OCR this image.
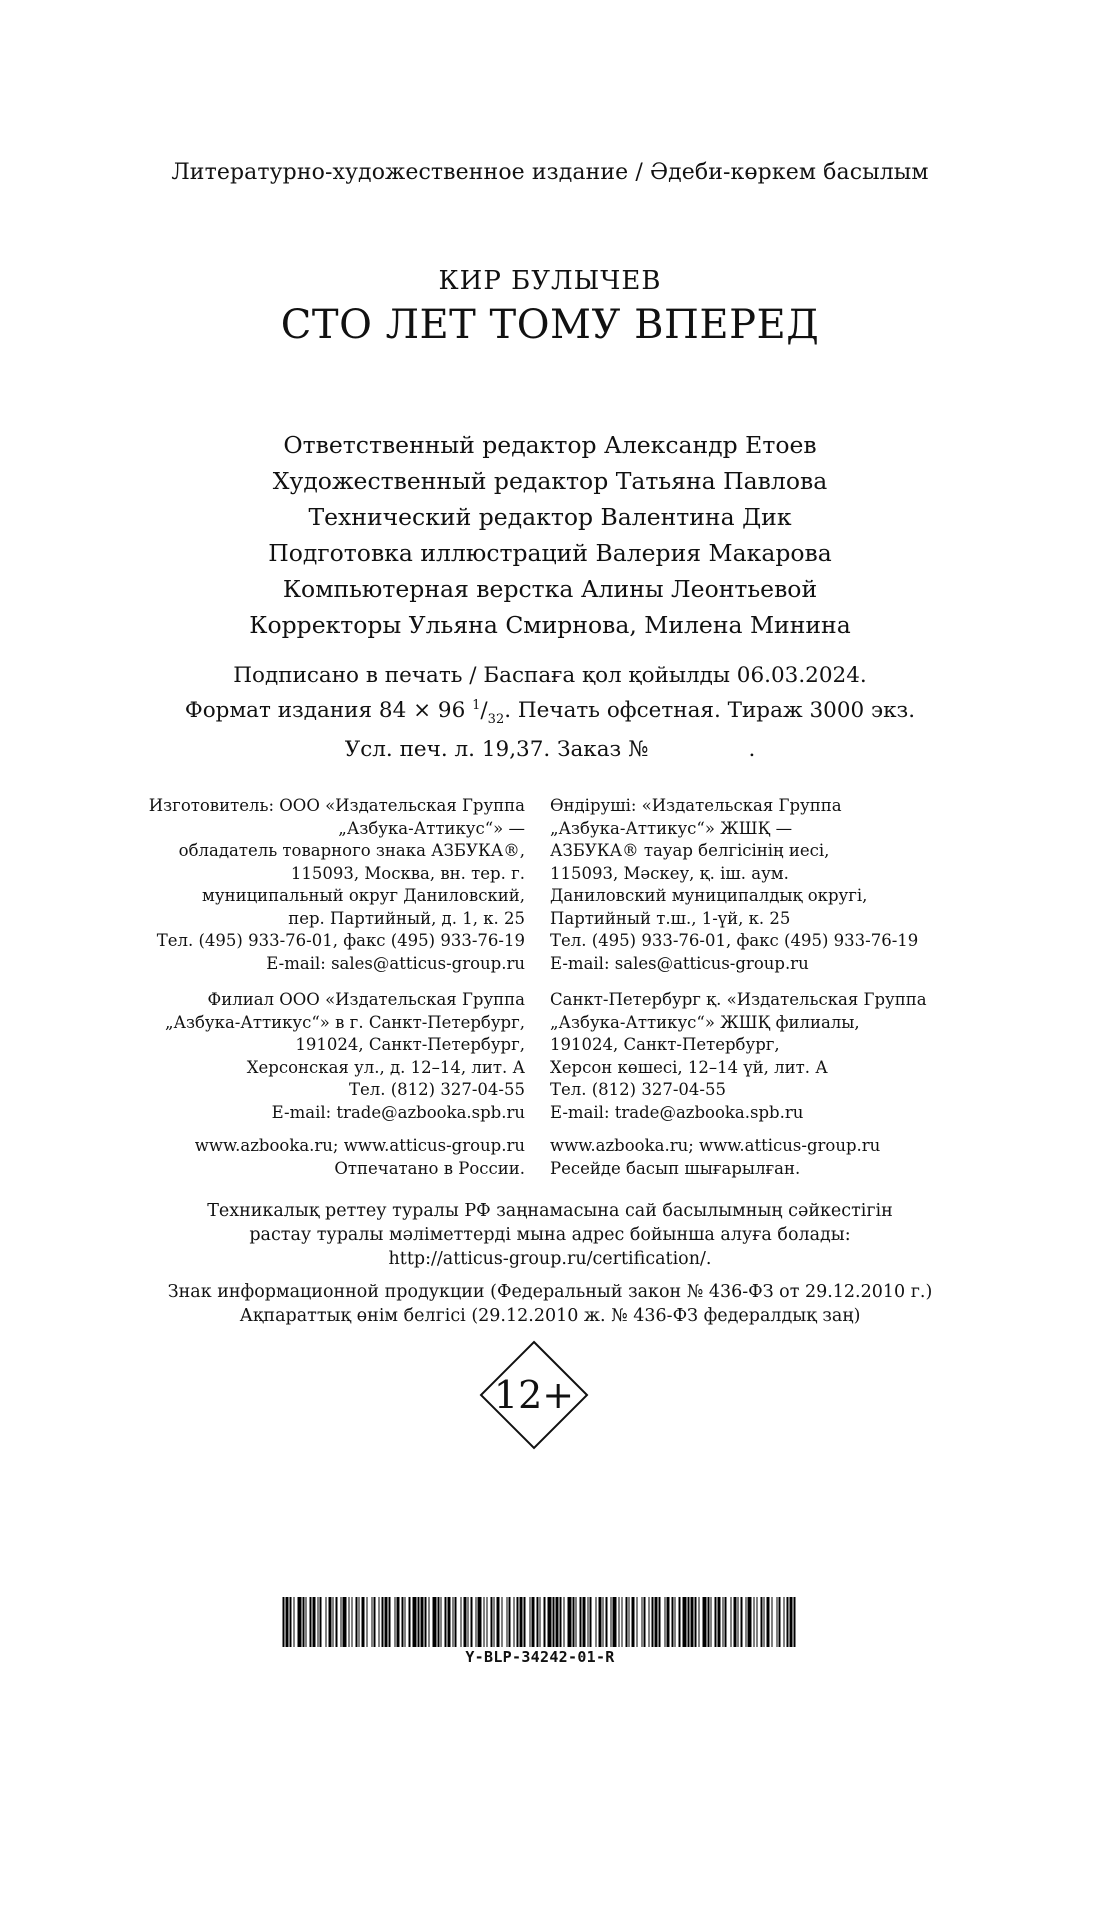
Литературно-художественное издание / Әдеби-көркем басылым
КИР БУЛЫЧЕВ
СТО ЛЕТ ТОМУ ВПЕРЕД
Ответственный редактор Александр Етоев
Художественный редактор Татьяна Павлова
Технический редактор Валентина Дик
Подготовка иллюстраций Валерия Макарова
Компьютерная верстка Алины Леонтьевой
Корректоры Ульяна Смирнова, Милена Минина
Подписано в печать / Баспаға қол қойылды 06.03.2024.
Формат издания 84 × 96 $^1/_{32}$. Печать офсетная. Тираж 3000 экз.
Усл. печ. л. 19,37. Заказ №	.
Изготовитель: ООО «Издательская Группа
„Азбука-Аттикус“» —
обладатель товарного знака АЗБУКА®,
115093, Москва, вн. тер. г.
муниципальный округ Даниловский,
пер. Партийный, д. 1, к. 25
Тел. (495) 933-76-01, факс (495) 933-76-19
E-mail: sales@atticus-group.ru
Өндіруші: «Издательская Группа
„Азбука-Аттикус“» ЖШҚ —
АЗБУКА® тауар белгісінің иесі,
115093, Мәскеу, қ. іш. аум.
Даниловский муниципалдық округі,
Партийный т.ш., 1-үй, к. 25
Тел. (495) 933-76-01, факс (495) 933-76-19
E-mail: sales@atticus-group.ru
Филиал ООО «Издательская Группа
„Азбука-Аттикус“» в г. Санкт-Петербург,
191024, Санкт-Петербург,
Херсонская ул., д. 12–14, лит. А
Тел. (812) 327-04-55
E-mail: trade@azbooka.spb.ru
Санкт-Петербург қ. «Издательская Группа
„Азбука-Аттикус“» ЖШҚ филиалы,
191024, Санкт-Петербург,
Херсон көшесі, 12–14 үй, лит. А
Тел. (812) 327-04-55
E-mail: trade@azbooka.spb.ru
www.azbooka.ru; www.atticus-group.ru
Отпечатано в России.
www.azbooka.ru; www.atticus-group.ru
Ресейде басып шығарылған.
Техникалық реттеу туралы РФ заңнамасына сай басылымның сәйкестігін
растау туралы мәліметтерді мына адрес бойынша алуға болады:
http://atticus-group.ru/certification/.
Знак информационной продукции (Федеральный закон № 436-ФЗ от 29.12.2010 г.)
Ақпараттық өнім белгісі (29.12.2010 ж. № 436-ФЗ федералдық заң)
12+
Y-BLP-34242-01-R
